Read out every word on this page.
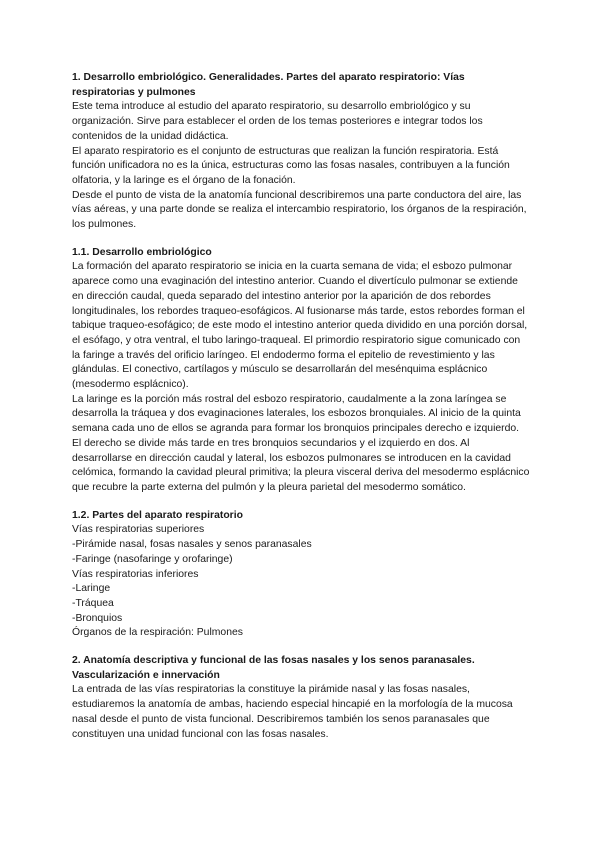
1. Desarrollo embriológico. Generalidades. Partes del aparato respiratorio: Vías respiratorias y pulmones

Este tema introduce al estudio del aparato respiratorio, su desarrollo embriológico y su organización. Sirve para establecer el orden de los temas posteriores e integrar todos los contenidos de la unidad didáctica.

El aparato respiratorio es el conjunto de estructuras que realizan la función respiratoria. Está función unificadora no es la única, estructuras como las fosas nasales, contribuyen a la función olfatoria, y la laringe es el órgano de la fonación.

Desde el punto de vista de la anatomía funcional describiremos una parte conductora del aire, las vías aéreas, y una parte donde se realiza el intercambio respiratorio, los órganos de la respiración, los pulmones.

1.1. Desarrollo embriológico

La formación del aparato respiratorio se inicia en la cuarta semana de vida; el esbozo pulmonar aparece como una evaginación del intestino anterior. Cuando el divertículo pulmonar se extiende en dirección caudal, queda separado del intestino anterior por la aparición de dos rebordes longitudinales, los rebordes traqueo-esofágicos. Al fusionarse más tarde, estos rebordes forman el tabique traqueo-esofágico; de este modo el intestino anterior queda dividido en una porción dorsal, el esófago, y otra ventral, el tubo laringo-traqueal. El primordio respiratorio sigue comunicado con la faringe a través del orificio laríngeo. El endodermo forma el epitelio de revestimiento y las glándulas. El conectivo, cartílagos y músculo se desarrollarán del mesénquima esplácnico (mesodermo esplácnico).

La laringe es la porción más rostral del esbozo respiratorio, caudalmente a la zona laríngea se desarrolla la tráquea y dos evaginaciones laterales, los esbozos bronquiales. Al inicio de la quinta semana cada uno de ellos se agranda para formar los bronquios principales derecho e izquierdo. El derecho se divide más tarde en tres bronquios secundarios y el izquierdo en dos. Al desarrollarse en dirección caudal y lateral, los esbozos pulmonares se introducen en la cavidad celómica, formando la cavidad pleural primitiva; la pleura visceral deriva del mesodermo esplácnico que recubre la parte externa del pulmón y la pleura parietal del mesodermo somático.

1.2. Partes del aparato respiratorio

Vías respiratorias superiores

-Pirámide nasal, fosas nasales y senos paranasales

-Faringe (nasofaringe y orofaringe)

Vías respiratorias inferiores

-Laringe

-Tráquea

-Bronquios

Órganos de la respiración: Pulmones

2. Anatomía descriptiva y funcional de las fosas nasales y los senos paranasales. Vascularización e innervación

La entrada de las vías respiratorias la constituye la pirámide nasal y las fosas nasales, estudiaremos la anatomía de ambas, haciendo especial hincapié en la morfología de la mucosa nasal desde el punto de vista funcional. Describiremos también los senos paranasales que constituyen una unidad funcional con las fosas nasales.
